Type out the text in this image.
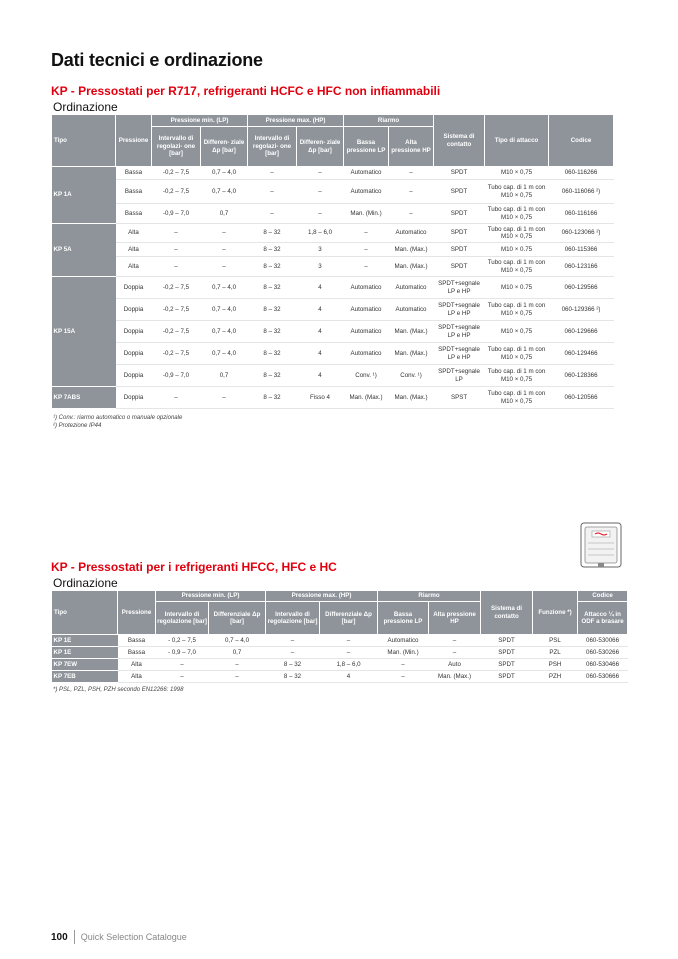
Dati tecnici e ordinazione
KP - Pressostati per R717, refrigeranti HCFC e HFC non infiammabili
Ordinazione
Tipo	Pressione	Pressione min. (LP)		Pressione max. (HP)		Riarmo		Sistema di contatto	Tipo di attacco	Codice
		Intervallo di regolazi- one [bar]	Differen- ziale Δp [bar]	Intervallo di regolazi- one [bar]	Differen- ziale Δp [bar]	Bassa pressione LP	Alta pressione HP			
KP 1A	Bassa	-0,2 – 7,5	0,7 – 4,0	–	–	Automatico	–	SPDT	M10 × 0,75	060-116266
	Bassa	-0,2 – 7,5	0,7 – 4,0	–	–	Automatico	–	SPDT	Tubo cap. di 1 m con M10 × 0,75	060-116066 ²)
	Bassa	-0,9 – 7,0	0,7	–	–	Man. (Min.)	–	SPDT	Tubo cap. di 1 m con M10 × 0,75	060-116166
KP 5A	Alta	–	–	8 – 32	1,8 – 6,0	–	Automatico	SPDT	Tubo cap. di 1 m con M10 × 0,75	060-123066 ²)
	Alta	–	–	8 – 32	3	–	Man. (Max.)	SPDT	M10 × 0.75	060-115366
	Alta	–	–	8 – 32	3	–	Man. (Max.)	SPDT	Tubo cap. di 1 m con M10 × 0,75	060-123166
KP 15A	Doppia	-0,2 – 7,5	0,7 – 4,0	8 – 32	4	Automatico	Automatico	SPDT+segnale LP e HP	M10 × 0.75	060-129566
	Doppia	-0,2 – 7,5	0,7 – 4,0	8 – 32	4	Automatico	Automatico	SPDT+segnale LP e HP	Tubo cap. di 1 m con M10 × 0,75	060-129366 ²)
	Doppia	-0,2 – 7,5	0,7 – 4,0	8 – 32	4	Automatico	Man. (Max.)	SPDT+segnale LP e HP	M10 × 0,75	060-129666
	Doppia	-0,2 – 7,5	0,7 – 4,0	8 – 32	4	Automatico	Man. (Max.)	SPDT+segnale LP e HP	Tubo cap. di 1 m con M10 × 0,75	060-129466
	Doppia	-0,9 – 7,0	0,7	8 – 32	4	Conv. ¹)	Conv. ¹)	SPDT+segnale LP	Tubo cap. di 1 m con M10 × 0,75	060-128366
KP 7ABS	Doppia	–	–	8 – 32	Fisso 4	Man. (Max.)	Man. (Max.)	SPST	Tubo cap. di 1 m con M10 × 0,75	060-120566
¹) Conv.: riarmo automatico o manuale opzionale
²) Protezione IP44
KP - Pressostati per i refrigeranti HFCC, HFC e HC
Ordinazione
Tipo	Pressione	Pressione min. (LP)		Pressione max. (HP)		Riarmo		Sistema di contatto	Funzione *)	Codice
		Intervallo di regolazione [bar]	Differenziale Δp [bar]	Intervallo di regolazione [bar]	Differenziale Δp [bar]	Bassa pressione LP	Alta pressione HP			Attacco ¼ in ODF a brasare
KP 1E	Bassa	- 0,2 – 7,5	0,7 – 4,0	–	–	Automatico	–	SPDT	PSL	060-530066
KP 1E	Bassa	- 0,9 – 7,0	0,7	–	–	Man. (Min.)	–	SPDT	PZL	060-530266
KP 7EW	Alta	–	–	8 – 32	1,8 – 6,0	–	Auto	SPDT	PSH	060-530466
KP 7EB	Alta	–	–	8 – 32	4	–	Man. (Max.)	SPDT	PZH	060-530666
*) PSL, PZL, PSH, PZH secondo EN12266: 1998
100 Quick Selection Catalogue
